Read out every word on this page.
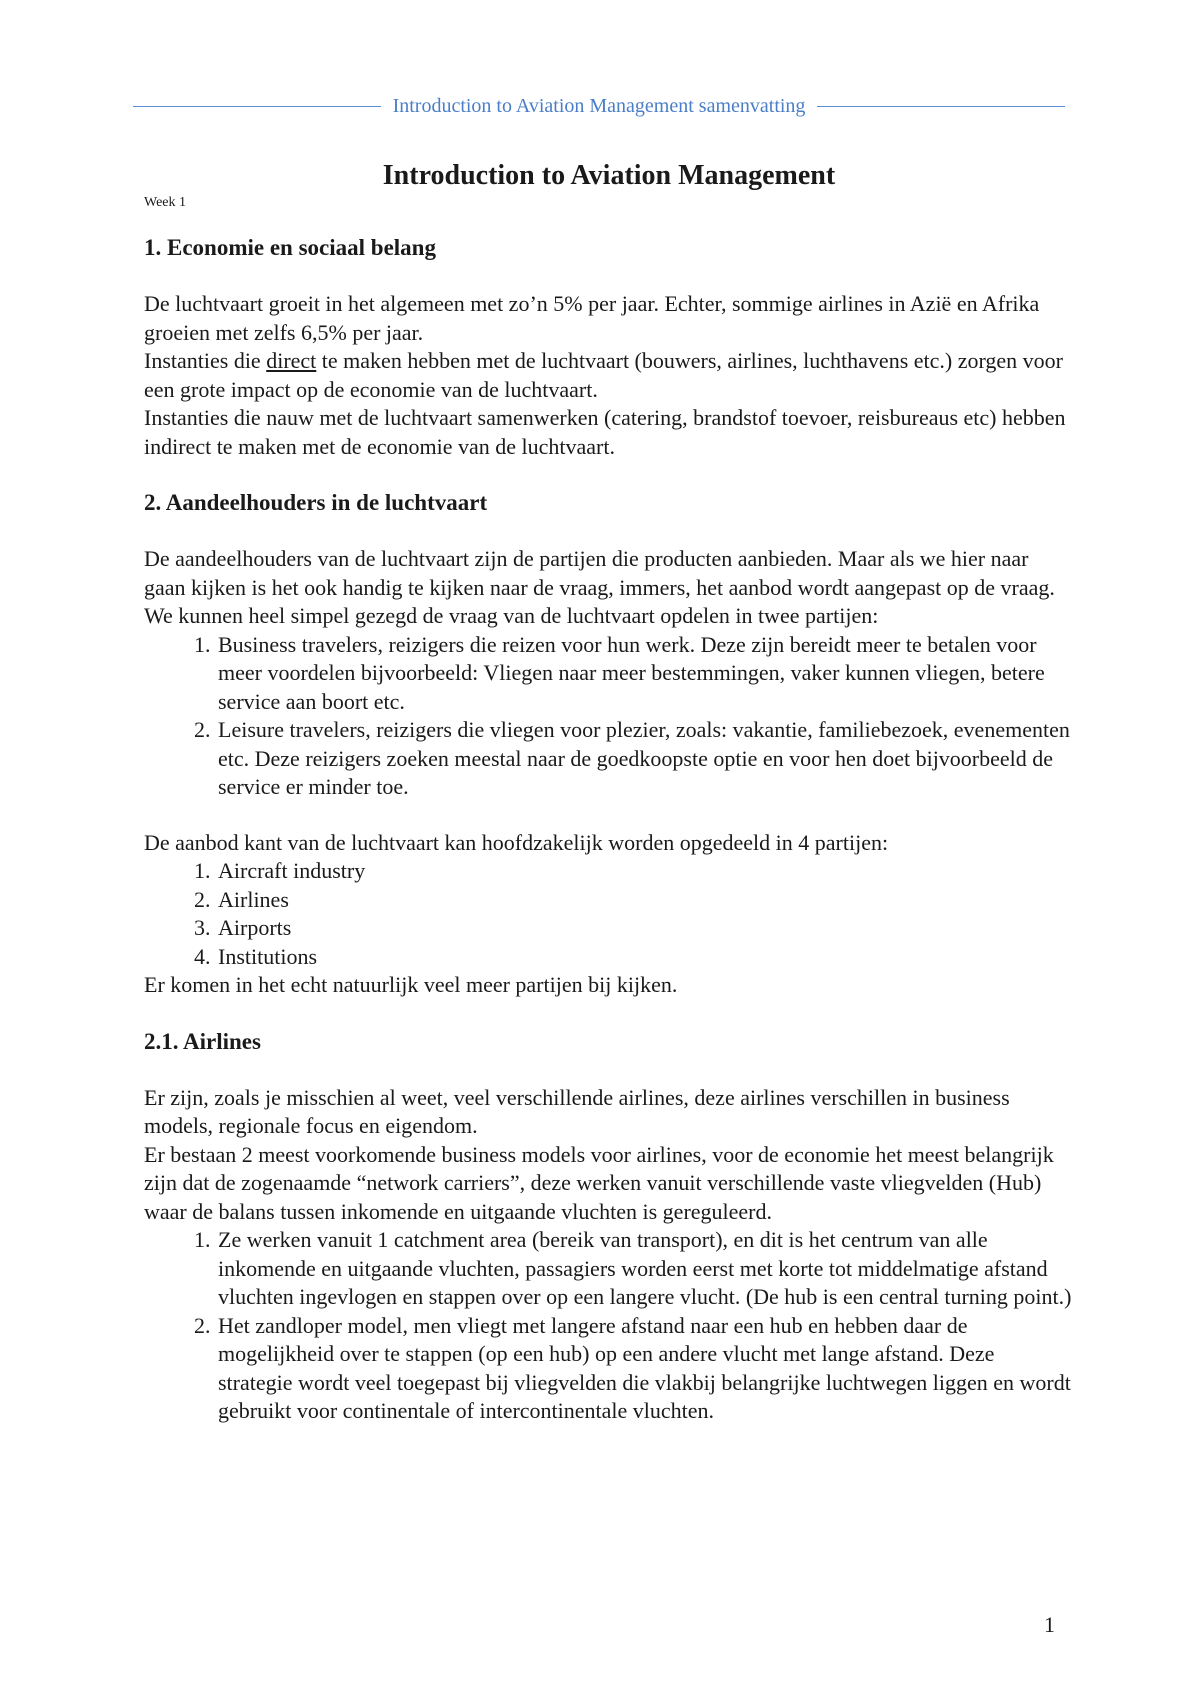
Introduction to Aviation Management samenvatting
Introduction to Aviation Management

Week 1

1. Economie en sociaal belang

De luchtvaart groeit in het algemeen met zo’n 5% per jaar. Echter, sommige airlines in Azië en Afrika groeien met zelfs 6,5% per jaar.

Instanties die direct te maken hebben met de luchtvaart (bouwers, airlines, luchthavens etc.) zorgen voor een grote impact op de economie van de luchtvaart.

Instanties die nauw met de luchtvaart samenwerken (catering, brandstof toevoer, reisbureaus etc) hebben indirect te maken met de economie van de luchtvaart.

2. Aandeelhouders in de luchtvaart

De aandeelhouders van de luchtvaart zijn de partijen die producten aanbieden. Maar als we hier naar gaan kijken is het ook handig te kijken naar de vraag, immers, het aanbod wordt aangepast op de vraag. We kunnen heel simpel gezegd de vraag van de luchtvaart opdelen in twee partijen:

1. Business travelers, reizigers die reizen voor hun werk. Deze zijn bereidt meer te betalen voor meer voordelen bijvoorbeeld: Vliegen naar meer bestemmingen, vaker kunnen vliegen, betere service aan boort etc.
2. Leisure travelers, reizigers die vliegen voor plezier, zoals: vakantie, familiebezoek, evenementen etc. Deze reizigers zoeken meestal naar de goedkoopste optie en voor hen doet bijvoorbeeld de service er minder toe.

De aanbod kant van de luchtvaart kan hoofdzakelijk worden opgedeeld in 4 partijen:

1. Aircraft industry
2. Airlines
3. Airports
4. Institutions

Er komen in het echt natuurlijk veel meer partijen bij kijken.

2.1. Airlines

Er zijn, zoals je misschien al weet, veel verschillende airlines, deze airlines verschillen in business models, regionale focus en eigendom.

Er bestaan 2 meest voorkomende business models voor airlines, voor de economie het meest belangrijk zijn dat de zogenaamde “network carriers”, deze werken vanuit verschillende vaste vliegvelden (Hub) waar de balans tussen inkomende en uitgaande vluchten is gereguleerd.

1. Ze werken vanuit 1 catchment area (bereik van transport), en dit is het centrum van alle inkomende en uitgaande vluchten, passagiers worden eerst met korte tot middelmatige afstand vluchten ingevlogen en stappen over op een langere vlucht. (De hub is een central turning point.)
2. Het zandloper model, men vliegt met langere afstand naar een hub en hebben daar de mogelijkheid over te stappen (op een hub) op een andere vlucht met lange afstand. Deze strategie wordt veel toegepast bij vliegvelden die vlakbij belangrijke luchtwegen liggen en wordt gebruikt voor continentale of intercontinentale vluchten.
1
